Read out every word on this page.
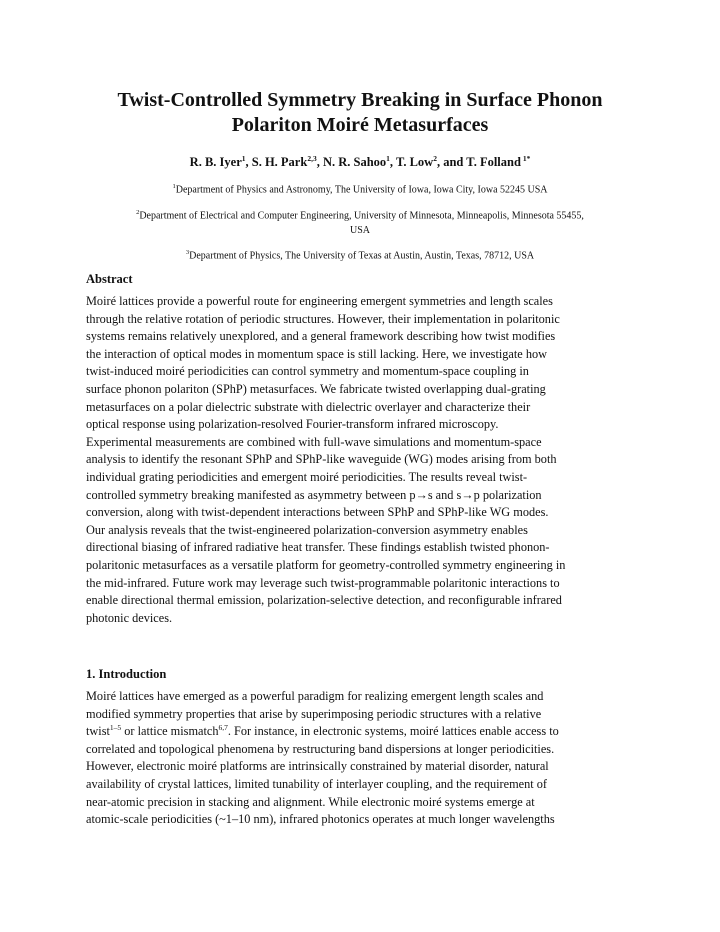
Twist-Controlled Symmetry Breaking in Surface Phonon
Polariton Moiré Metasurfaces
R. B. Iyer$^1$, S. H. Park$^{2,3}$, N. R. Sahoo$^1$, T. Low$^2$, and T. Folland $^{1*}$
$^1$Department of Physics and Astronomy, The University of Iowa, Iowa City, Iowa 52245 USA
$^2$Department of Electrical and Computer Engineering, University of Minnesota, Minneapolis, Minnesota 55455,
USA
$^3$Department of Physics, The University of Texas at Austin, Austin, Texas, 78712, USA
Abstract
Moiré lattices provide a powerful route for engineering emergent symmetries and length scales
through the relative rotation of periodic structures. However, their implementation in polaritonic
systems remains relatively unexplored, and a general framework describing how twist modifies
the interaction of optical modes in momentum space is still lacking. Here, we investigate how
twist-induced moiré periodicities can control symmetry and momentum-space coupling in
surface phonon polariton (SPhP) metasurfaces. We fabricate twisted overlapping dual-grating
metasurfaces on a polar dielectric substrate with dielectric overlayer and characterize their
optical response using polarization-resolved Fourier-transform infrared microscopy.
Experimental measurements are combined with full-wave simulations and momentum-space
analysis to identify the resonant SPhP and SPhP-like waveguide (WG) modes arising from both
individual grating periodicities and emergent moiré periodicities. The results reveal twist-
controlled symmetry breaking manifested as asymmetry between p→s and s→p polarization
conversion, along with twist-dependent interactions between SPhP and SPhP-like WG modes.
Our analysis reveals that the twist-engineered polarization-conversion asymmetry enables
directional biasing of infrared radiative heat transfer. These findings establish twisted phonon-
polaritonic metasurfaces as a versatile platform for geometry-controlled symmetry engineering in
the mid-infrared. Future work may leverage such twist-programmable polaritonic interactions to
enable directional thermal emission, polarization-selective detection, and reconfigurable infrared
photonic devices.
1. Introduction
Moiré lattices have emerged as a powerful paradigm for realizing emergent length scales and
modified symmetry properties that arise by superimposing periodic structures with a relative
twist$^{1-5}$ or lattice mismatch$^{6,7}$. For instance, in electronic systems, moiré lattices enable access to
correlated and topological phenomena by restructuring band dispersions at longer periodicities.
However, electronic moiré platforms are intrinsically constrained by material disorder, natural
availability of crystal lattices, limited tunability of interlayer coupling, and the requirement of
near-atomic precision in stacking and alignment. While electronic moiré systems emerge at
atomic-scale periodicities (~1–10 nm), infrared photonics operates at much longer wavelengths
